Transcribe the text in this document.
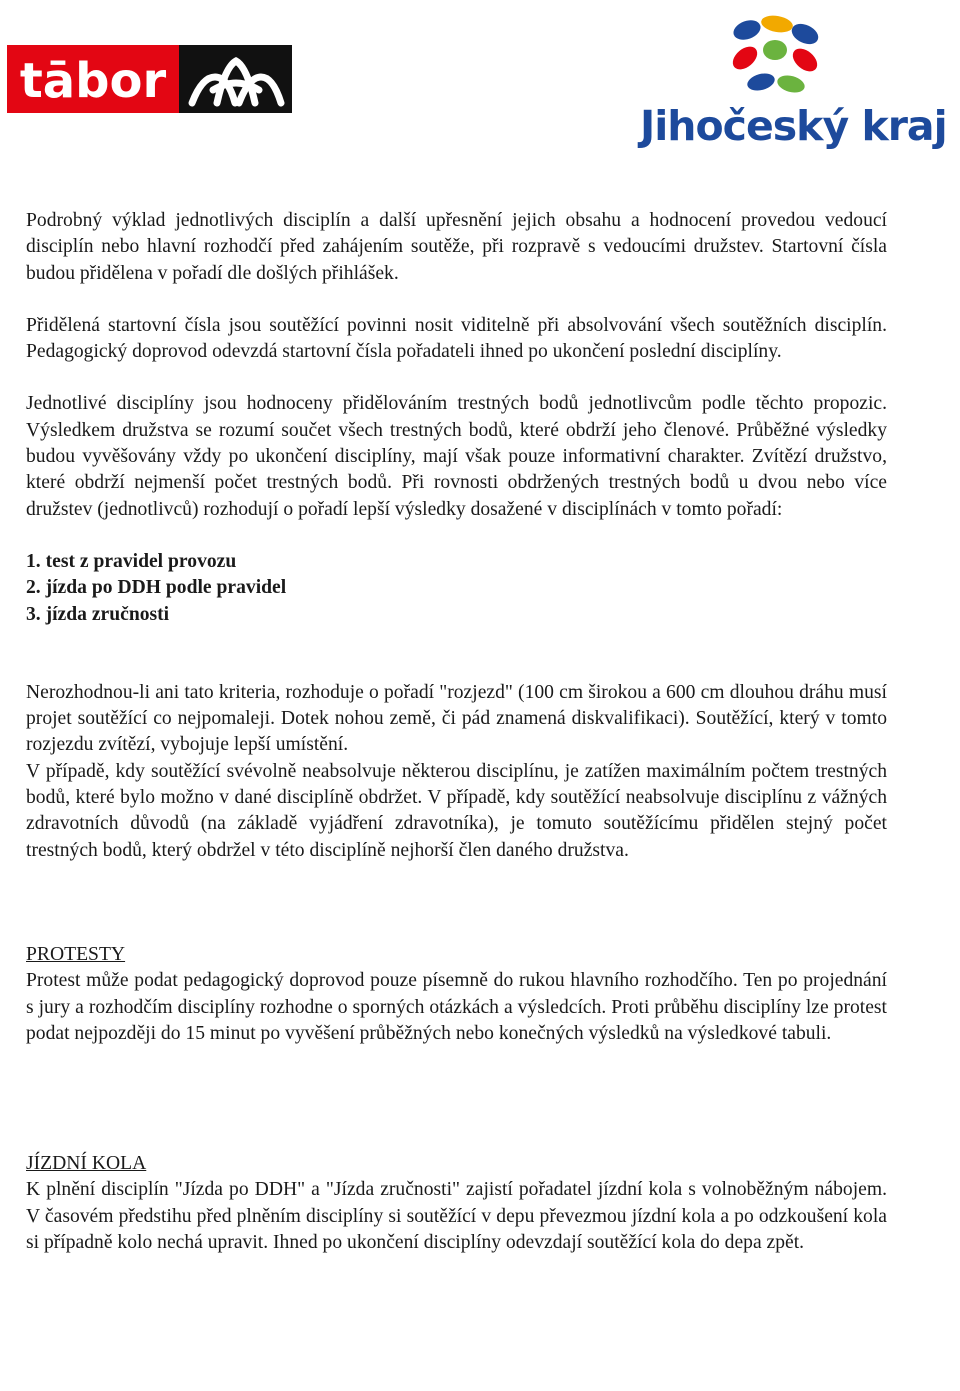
tābor
Jihočeský kraj

Podrobný výklad jednotlivých disciplín a další upřesnění jejich obsahu a hodnocení provedou vedoucí disciplín nebo hlavní rozhodčí před zahájením soutěže, při rozpravě s vedoucími družstev. Startovní čísla budou přidělena v pořadí dle došlých přihlášek.

Přidělená startovní čísla jsou soutěžící povinni nosit viditelně při absolvování všech soutěžních disciplín. Pedagogický doprovod odevzdá startovní čísla pořadateli ihned po ukončení poslední disciplíny.

Jednotlivé disciplíny jsou hodnoceny přidělováním trestných bodů jednotlivcům podle těchto propozic. Výsledkem družstva se rozumí součet všech trestných bodů, které obdrží jeho členové. Průběžné výsledky budou vyvěšovány vždy po ukončení disciplíny, mají však pouze informativní charakter. Zvítězí družstvo, které obdrží nejmenší počet trestných bodů. Při rovnosti obdržených trestných bodů u dvou nebo více družstev (jednotlivců) rozhodují o pořadí lepší výsledky dosažené v disciplínách v tomto pořadí:

1. test z pravidel provozu

2. jízda po DDH podle pravidel

3. jízda zručnosti

Nerozhodnou-li ani tato kriteria, rozhoduje o pořadí "rozjezd" (100 cm širokou a 600 cm dlouhou dráhu musí projet soutěžící co nejpomaleji. Dotek nohou země, či pád znamená diskvalifikaci). Soutěžící, který v tomto rozjezdu zvítězí, vybojuje lepší umístění.

V případě, kdy soutěžící svévolně neabsolvuje některou disciplínu, je zatížen maximálním počtem trestných bodů, které bylo možno v dané disciplíně obdržet. V případě, kdy soutěžící neabsolvuje disciplínu z vážných zdravotních důvodů (na základě vyjádření zdravotníka), je tomuto soutěžícímu přidělen stejný počet trestných bodů, který obdržel v této disciplíně nejhorší člen daného družstva.

PROTESTY

Protest může podat pedagogický doprovod pouze písemně do rukou hlavního rozhodčího. Ten po projednání s jury a rozhodčím disciplíny rozhodne o sporných otázkách a výsledcích. Proti průběhu disciplíny lze protest podat nejpozději do 15 minut po vyvěšení průběžných nebo konečných výsledků na výsledkové tabuli.

JÍZDNÍ KOLA

K plnění disciplín "Jízda po DDH" a "Jízda zručnosti" zajistí pořadatel jízdní kola s volnoběžným nábojem. V časovém předstihu před plněním disciplíny si soutěžící v depu převezmou jízdní kola a po odzkoušení kola si případně kolo nechá upravit. Ihned po ukončení disciplíny odevzdají soutěžící kola do depa zpět.
